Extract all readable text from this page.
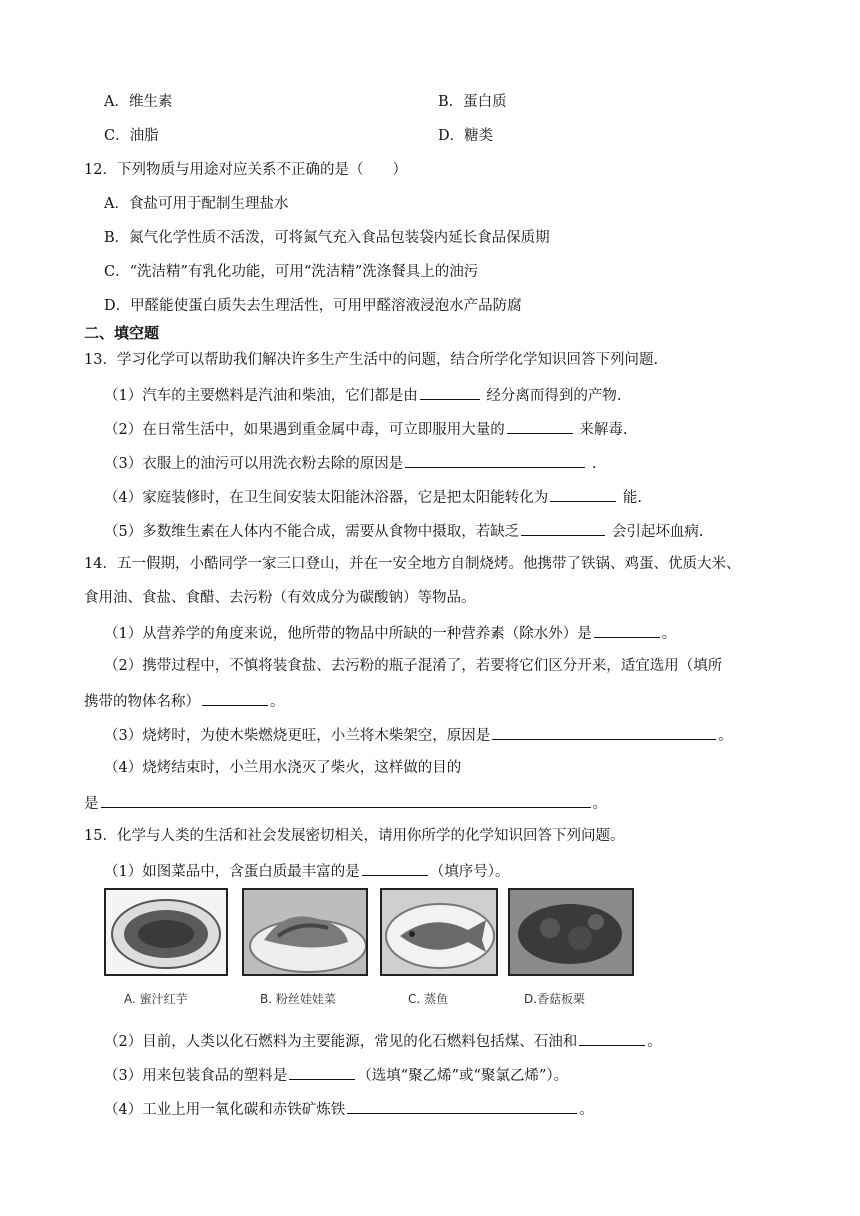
A．维生素	B．蛋白质
C．油脂	D．糖类
12．下列物质与用途对应关系不正确的是（　　）
A．食盐可用于配制生理盐水
B．氮气化学性质不活泼，可将氮气充入食品包装袋内延长食品保质期
C．“洗洁精”有乳化功能，可用“洗洁精”洗涤餐具上的油污
D．甲醛能使蛋白质失去生理活性，可用甲醛溶液浸泡水产品防腐
二、填空题
13．学习化学可以帮助我们解决许多生产生活中的问题，结合所学化学知识回答下列问题.
（1）汽车的主要燃料是汽油和柴油，它们都是由	经分离而得到的产物.
（2）在日常生活中，如果遇到重金属中毒，可立即服用大量的	来解毒.
（3）衣服上的油污可以用洗衣粉去除的原因是	.
（4）家庭装修时，在卫生间安装太阳能沐浴器，它是把太阳能转化为	能.
（5）多数维生素在人体内不能合成，需要从食物中摄取，若缺乏	会引起坏血病.
14．五一假期，小酷同学一家三口登山，并在一安全地方自制烧烤。他携带了铁锅、鸡蛋、优质大米、
食用油、食盐、食醋、去污粉（有效成分为碳酸钠）等物品。
（1）从营养学的角度来说，他所带的物品中所缺的一种营养素（除水外）是	。
（2）携带过程中，不慎将装食盐、去污粉的瓶子混淆了，若要将它们区分开来，适宜选用（填所
携带的物体名称）	。
（3）烧烤时，为使木柴燃烧更旺，小兰将木柴架空，原因是	。
（4）烧烤结束时，小兰用水浇灭了柴火，这样做的目的
是	。
15．化学与人类的生活和社会发展密切相关，请用你所学的化学知识回答下列问题。
（1）如图菜品中，含蛋白质最丰富的是	（填序号）。
A. 蜜汁红芋	B. 粉丝娃娃菜	C. 蒸鱼	D.香菇板栗
（2）目前，人类以化石燃料为主要能源，常见的化石燃料包括煤、石油和	。
（3）用来包装食品的塑料是	（选填“聚乙烯”或“聚氯乙烯”）。
（4）工业上用一氧化碳和赤铁矿炼铁	。
